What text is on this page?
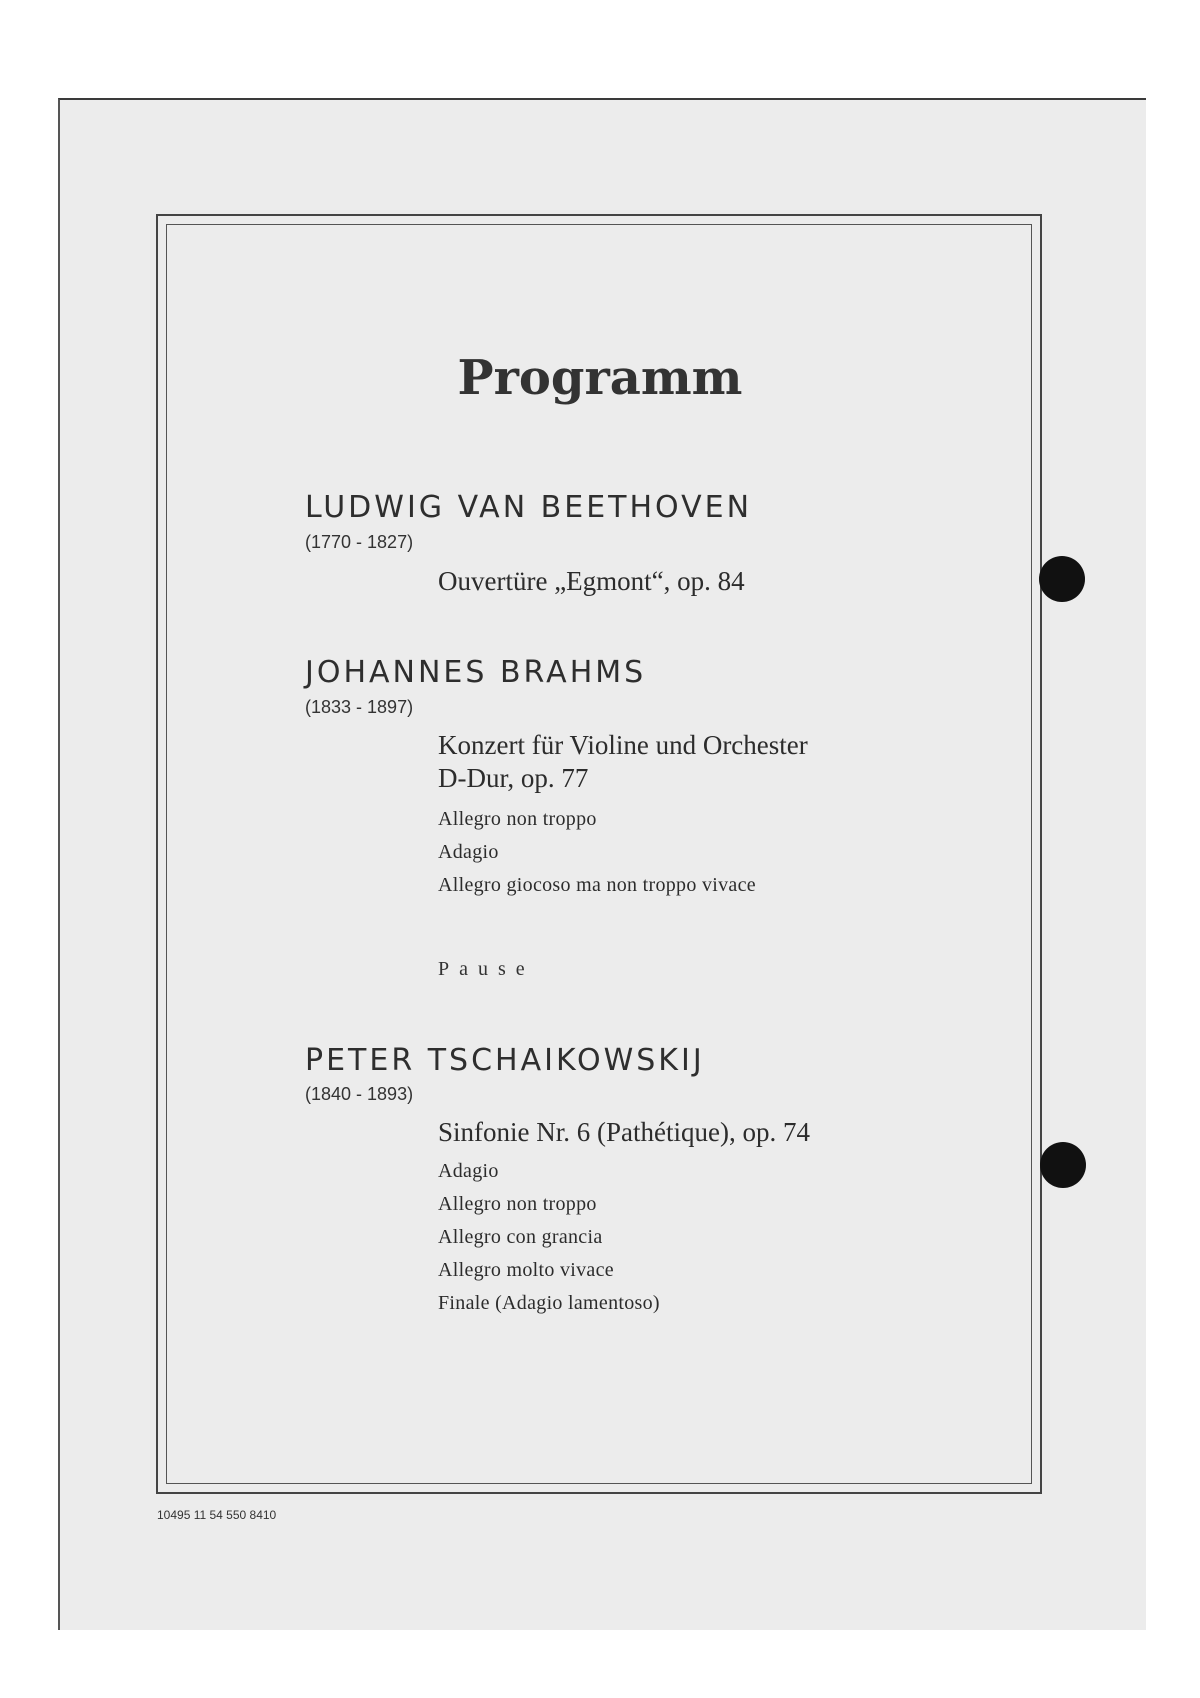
Programm
LUDWIG VAN BEETHOVEN
(1770 - 1827)
Ouvertüre „Egmont“, op. 84
JOHANNES BRAHMS
(1833 - 1897)
Konzert für Violine und Orchester
D-Dur, op. 77
Allegro non troppo
Adagio
Allegro giocoso ma non troppo vivace
Pause
PETER TSCHAIKOWSKIJ
(1840 - 1893)
Sinfonie Nr. 6 (Pathétique), op. 74
Adagio
Allegro non troppo
Allegro con grancia
Allegro molto vivace
Finale (Adagio lamentoso)
10495 11 54 550 8410
